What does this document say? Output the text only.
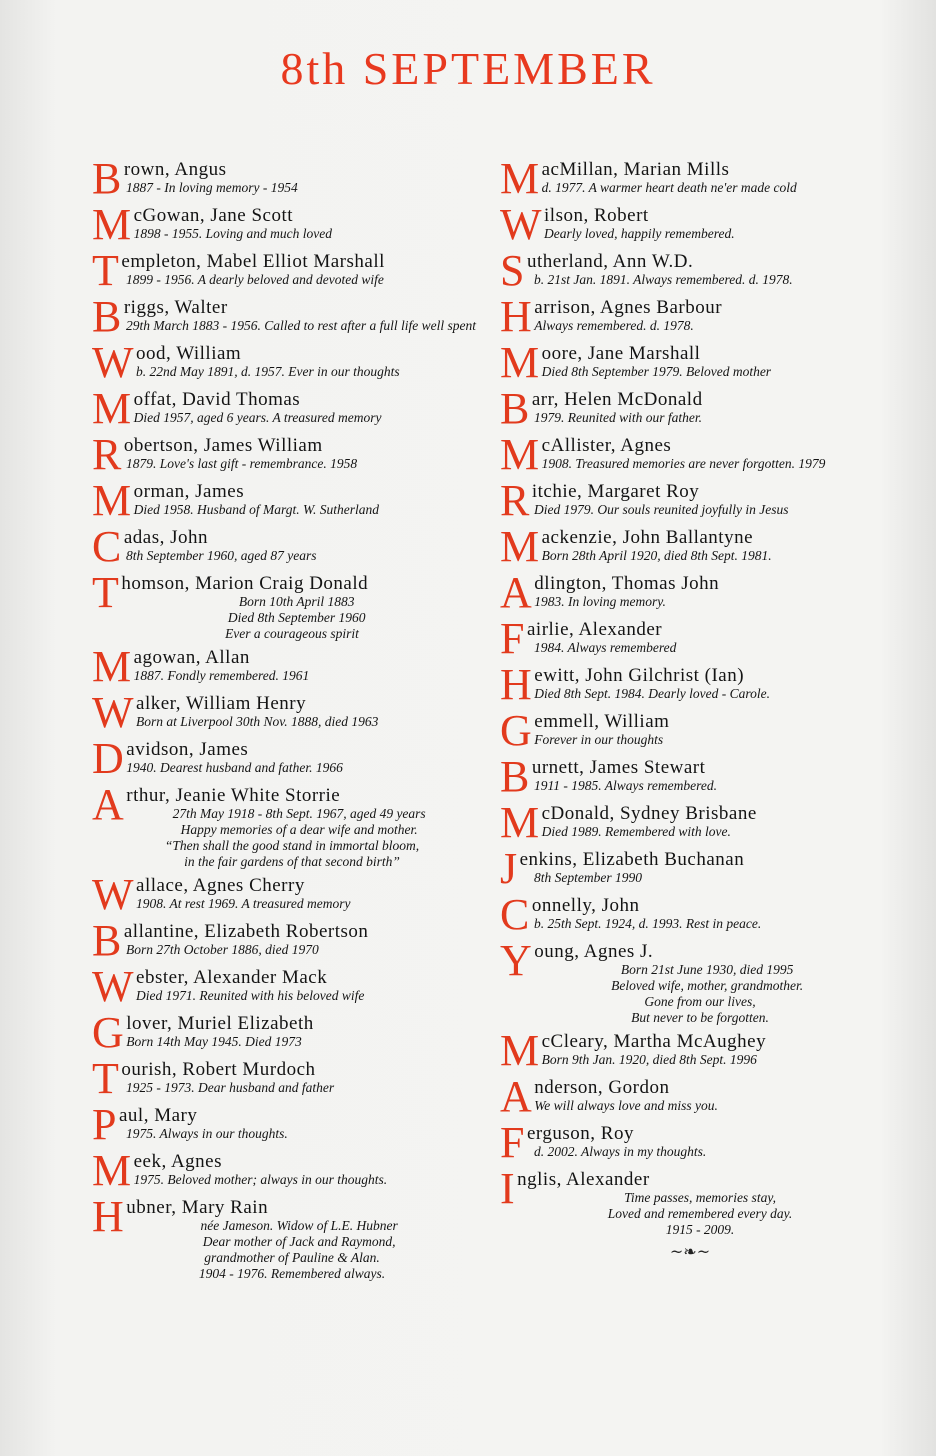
8th SEPTEMBER
Brown, Angus
1887 - In loving memory - 1954
McGowan, Jane Scott
1898 - 1955. Loving and much loved
Templeton, Mabel Elliot Marshall
1899 - 1956. A dearly beloved and devoted wife
Briggs, Walter
29th March 1883 - 1956. Called to rest after a full life well spent
Wood, William
b. 22nd May 1891, d. 1957. Ever in our thoughts
Moffat, David Thomas
Died 1957, aged 6 years. A treasured memory
Robertson, James William
1879. Love's last gift - remembrance. 1958
Morman, James
Died 1958. Husband of Margt. W. Sutherland
Cadas, John
8th September 1960, aged 87 years
Thomson, Marion Craig Donald
Born 10th April 1883
Died 8th September 1960
Ever a courageous spirit
Magowan, Allan
1887. Fondly remembered. 1961
Walker, William Henry
Born at Liverpool 30th Nov. 1888, died 1963
Davidson, James
1940. Dearest husband and father. 1966
Arthur, Jeanie White Storrie
27th May 1918 - 8th Sept. 1967, aged 49 years
Happy memories of a dear wife and mother.
“Then shall the good stand in immortal bloom,
in the fair gardens of that second birth”
Wallace, Agnes Cherry
1908. At rest 1969. A treasured memory
Ballantine, Elizabeth Robertson
Born 27th October 1886, died 1970
Webster, Alexander Mack
Died 1971. Reunited with his beloved wife
Glover, Muriel Elizabeth
Born 14th May 1945. Died 1973
Tourish, Robert Murdoch
1925 - 1973. Dear husband and father
Paul, Mary
1975. Always in our thoughts.
Meek, Agnes
1975. Beloved mother; always in our thoughts.
Hubner, Mary Rain
née Jameson. Widow of L.E. Hubner
Dear mother of Jack and Raymond,
grandmother of Pauline & Alan.
1904 - 1976. Remembered always.
MacMillan, Marian Mills
d. 1977. A warmer heart death ne'er made cold
Wilson, Robert
Dearly loved, happily remembered.
Sutherland, Ann W.D.
b. 21st Jan. 1891. Always remembered. d. 1978.
Harrison, Agnes Barbour
Always remembered. d. 1978.
Moore, Jane Marshall
Died 8th September 1979. Beloved mother
Barr, Helen McDonald
1979. Reunited with our father.
McAllister, Agnes
1908. Treasured memories are never forgotten. 1979
Ritchie, Margaret Roy
Died 1979. Our souls reunited joyfully in Jesus
Mackenzie, John Ballantyne
Born 28th April 1920, died 8th Sept. 1981.
Adlington, Thomas John
1983. In loving memory.
Fairlie, Alexander
1984. Always remembered
Hewitt, John Gilchrist (Ian)
Died 8th Sept. 1984. Dearly loved - Carole.
Gemmell, William
Forever in our thoughts
Burnett, James Stewart
1911 - 1985. Always remembered.
McDonald, Sydney Brisbane
Died 1989. Remembered with love.
Jenkins, Elizabeth Buchanan
8th September 1990
Connelly, John
b. 25th Sept. 1924, d. 1993. Rest in peace.
Young, Agnes J.
Born 21st June 1930, died 1995
Beloved wife, mother, grandmother.
Gone from our lives,
But never to be forgotten.
McCleary, Martha McAughey
Born 9th Jan. 1920, died 8th Sept. 1996
Anderson, Gordon
We will always love and miss you.
Ferguson, Roy
d. 2002. Always in my thoughts.
Inglis, Alexander
Time passes, memories stay,
Loved and remembered every day.
1915 - 2009.
~❧~
